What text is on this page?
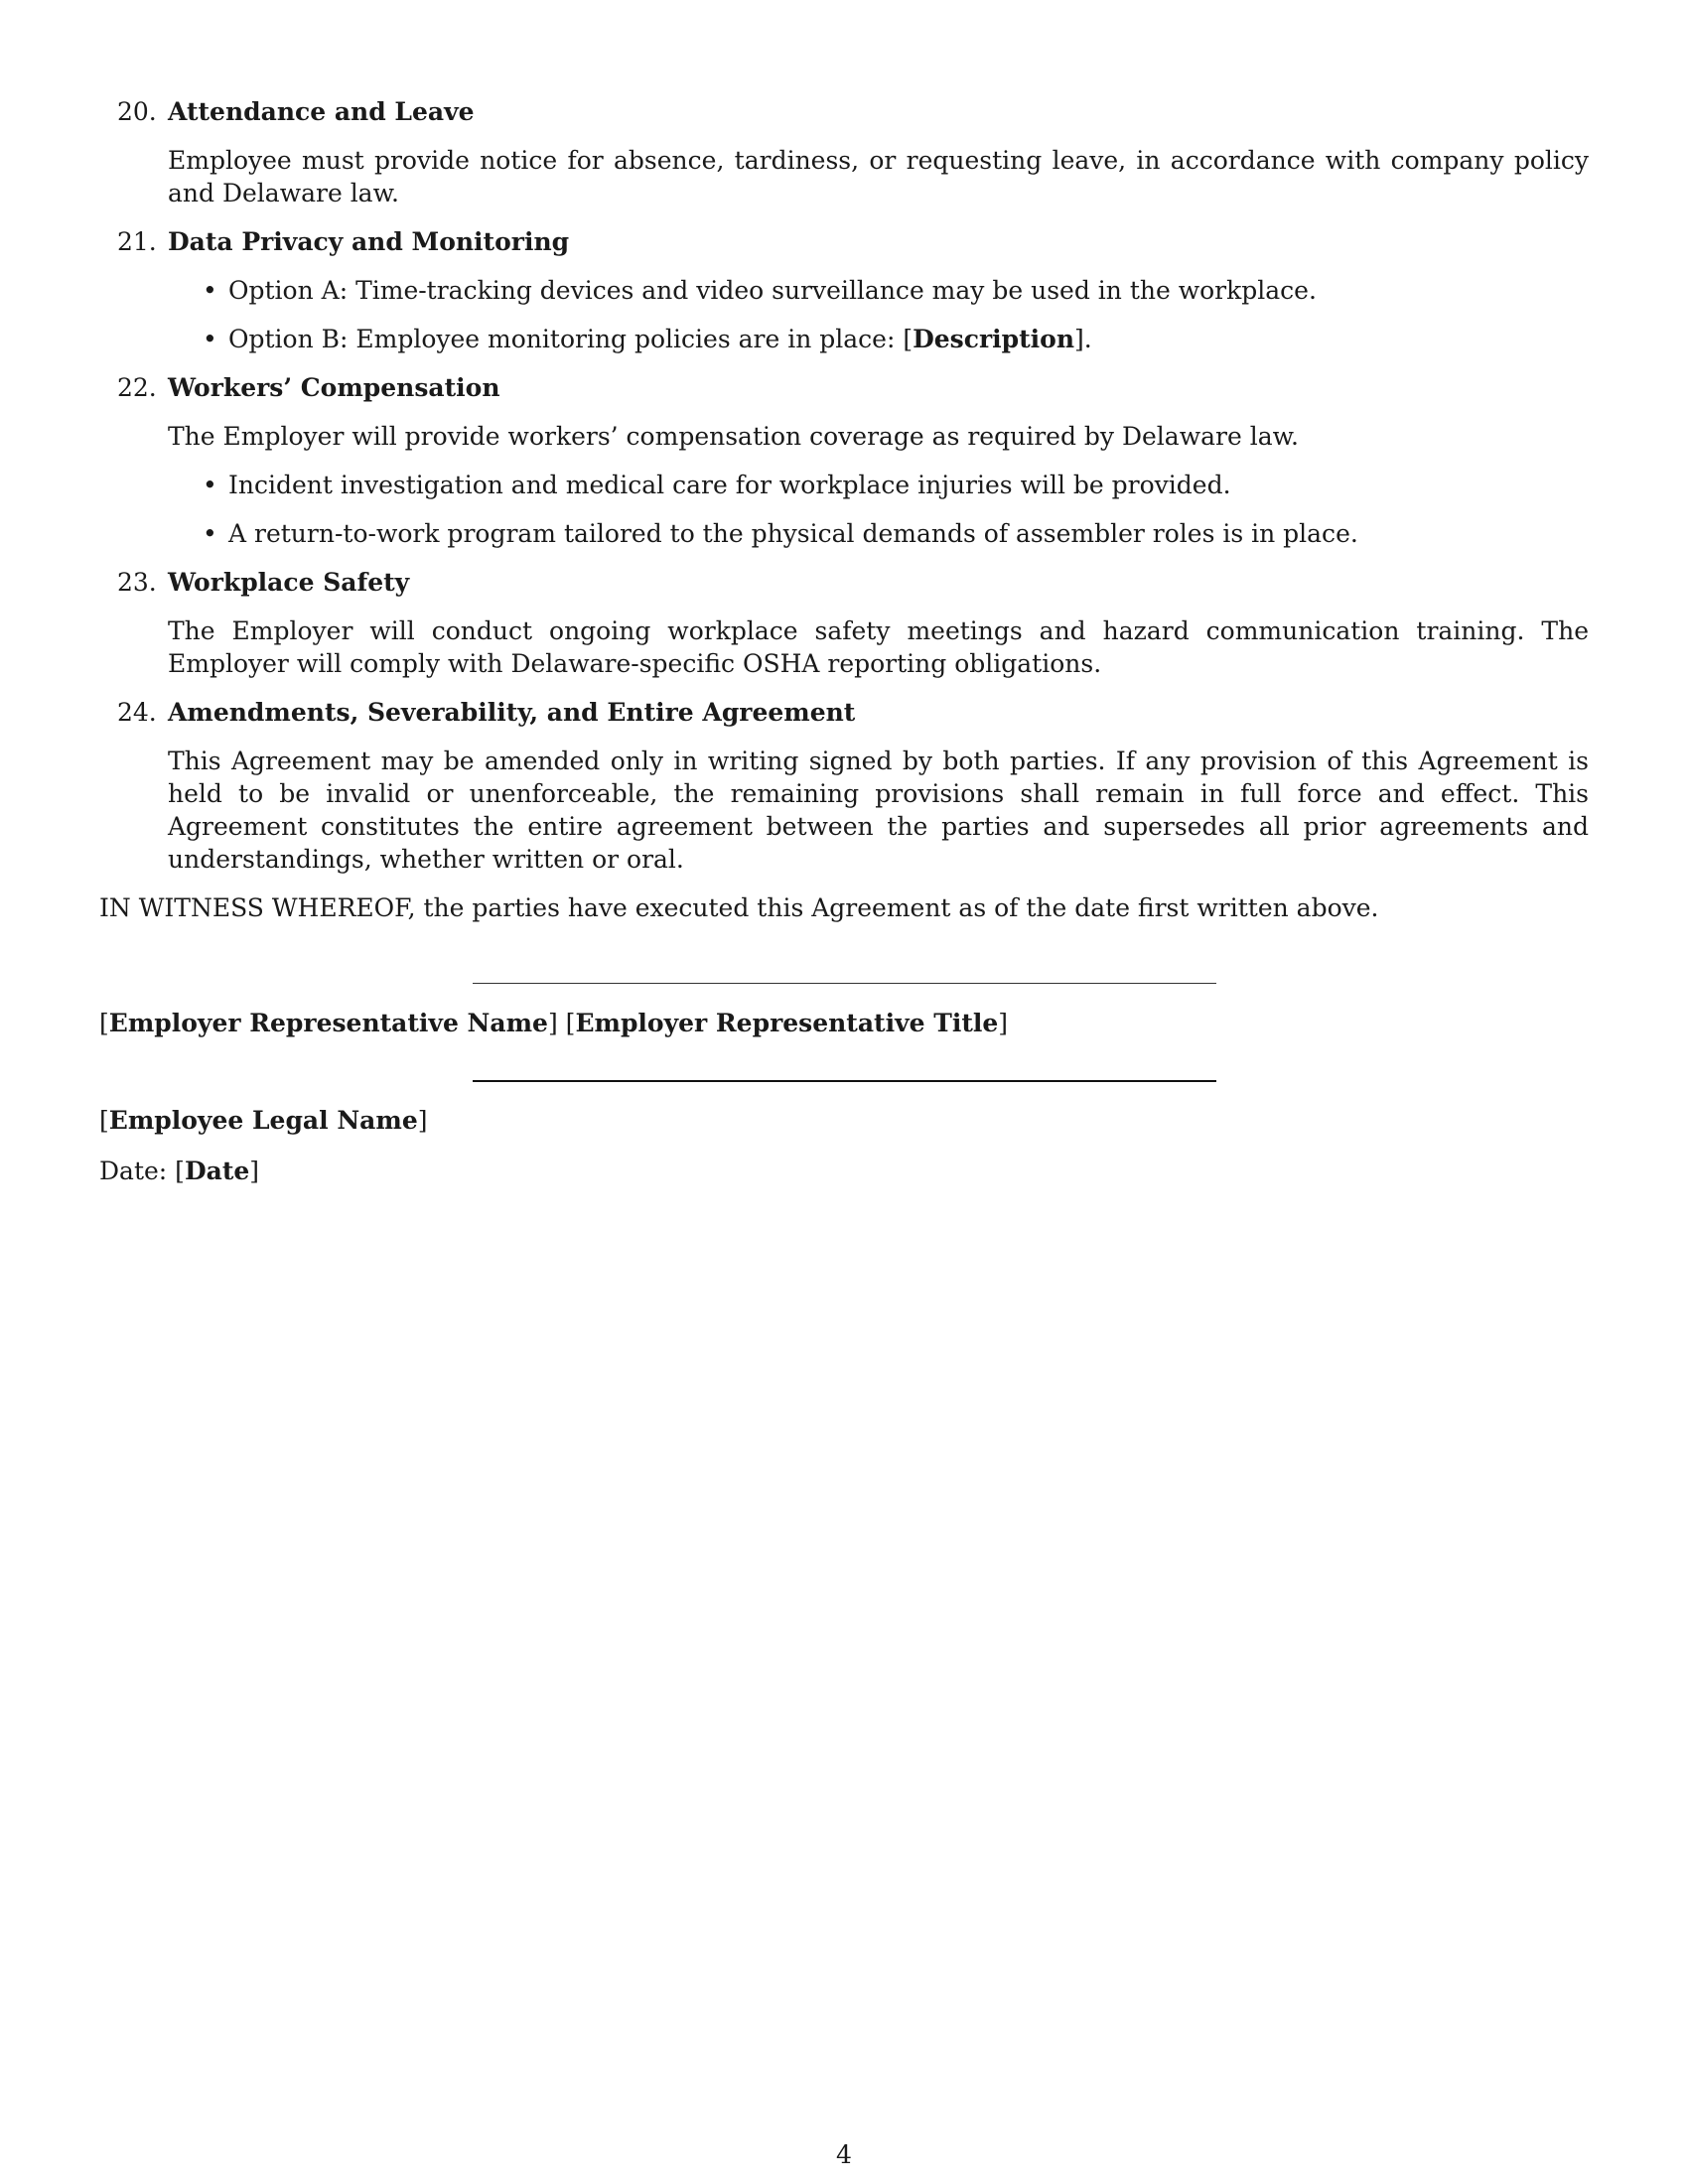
20. Attendance and Leave
Employee must provide notice for absence, tardiness, or requesting leave, in accordance with company policy and Delaware law.
21. Data Privacy and Monitoring
• Option A: Time-tracking devices and video surveillance may be used in the workplace.
• Option B: Employee monitoring policies are in place: [Description].
22. Workers’ Compensation
The Employer will provide workers’ compensation coverage as required by Delaware law.
• Incident investigation and medical care for workplace injuries will be provided.
• A return-to-work program tailored to the physical demands of assembler roles is in place.
23. Workplace Safety
The Employer will conduct ongoing workplace safety meetings and hazard communication training. The Employer will comply with Delaware-specific OSHA reporting obligations.
24. Amendments, Severability, and Entire Agreement
This Agreement may be amended only in writing signed by both parties. If any provision of this Agreement is held to be invalid or unenforceable, the remaining provisions shall remain in full force and effect. This Agreement constitutes the entire agreement between the parties and supersedes all prior agreements and understandings, whether written or oral.
IN WITNESS WHEREOF, the parties have executed this Agreement as of the date first written above.
[Employer Representative Name] [Employer Representative Title]
[Employee Legal Name]
Date: [Date]
4
